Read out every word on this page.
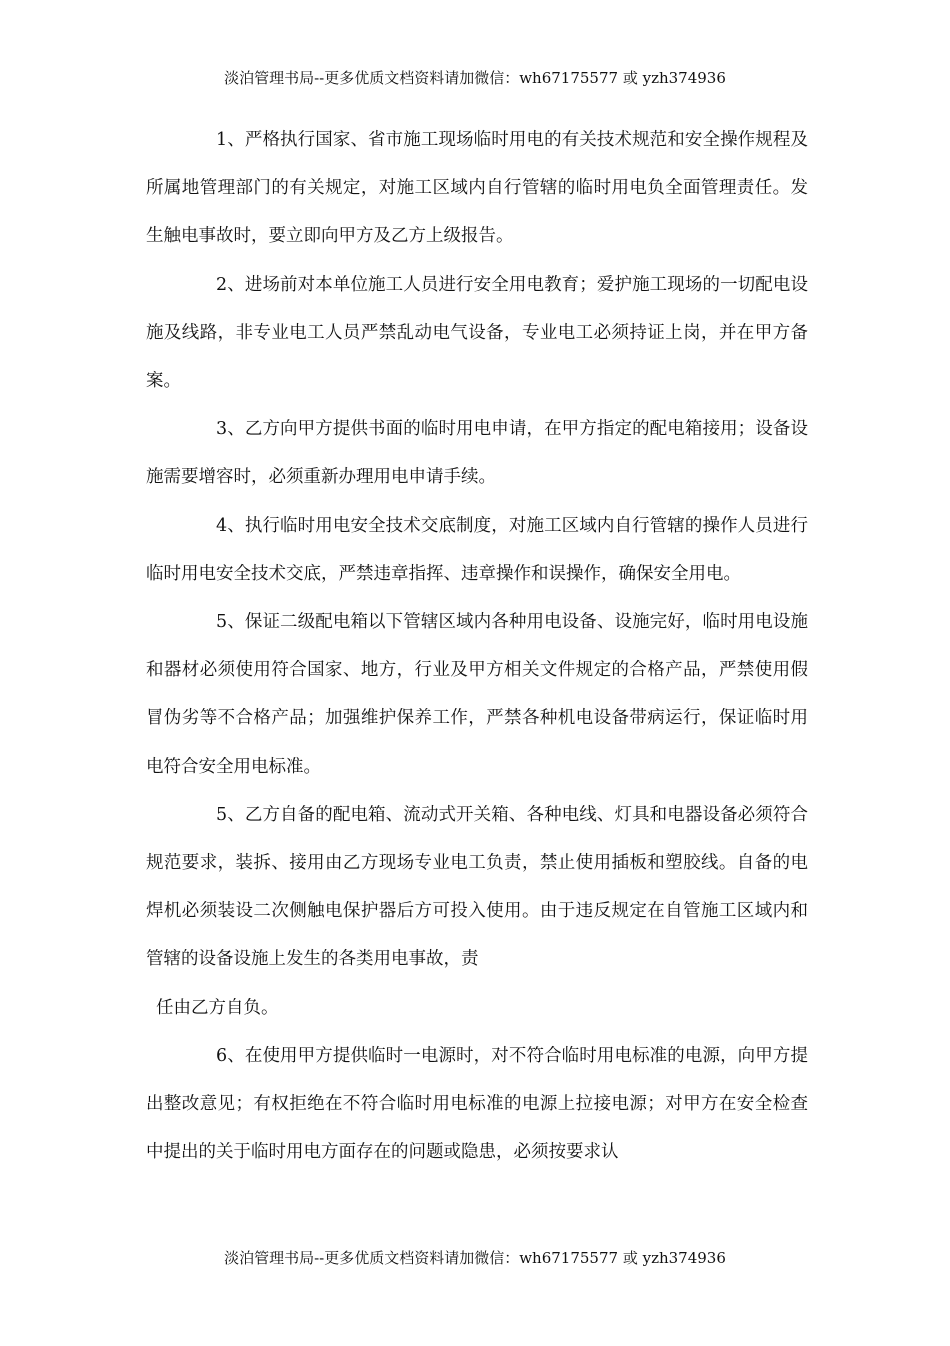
淡泊管理书局--更多优质文档资料请加微信：wh67175577 或 yzh374936

1、严格执行国家、省市施工现场临时用电的有关技术规范和安全操作规程及所属地管理部门的有关规定，对施工区域内自行管辖的临时用电负全面管理责任。发生触电事故时，要立即向甲方及乙方上级报告。

2、进场前对本单位施工人员进行安全用电教育；爱护施工现场的一切配电设施及线路，非专业电工人员严禁乱动电气设备，专业电工必须持证上岗，并在甲方备案。

3、乙方向甲方提供书面的临时用电申请，在甲方指定的配电箱接用；设备设施需要增容时，必须重新办理用电申请手续。

4、执行临时用电安全技术交底制度，对施工区域内自行管辖的操作人员进行临时用电安全技术交底，严禁违章指挥、违章操作和误操作，确保安全用电。

5、保证二级配电箱以下管辖区域内各种用电设备、设施完好，临时用电设施和器材必须使用符合国家、地方，行业及甲方相关文件规定的合格产品，严禁使用假冒伪劣等不合格产品；加强维护保养工作，严禁各种机电设备带病运行，保证临时用电符合安全用电标准。

5、乙方自备的配电箱、流动式开关箱、各种电线、灯具和电器设备必须符合规范要求，装拆、接用由乙方现场专业电工负责，禁止使用插板和塑胶线。自备的电焊机必须装设二次侧触电保护器后方可投入使用。由于违反规定在自管施工区域内和管辖的设备设施上发生的各类用电事故，责

任由乙方自负。

6、在使用甲方提供临时一电源时，对不符合临时用电标准的电源，向甲方提出整改意见；有权拒绝在不符合临时用电标准的电源上拉接电源；对甲方在安全检查中提出的关于临时用电方面存在的问题或隐患，必须按要求认

淡泊管理书局--更多优质文档资料请加微信：wh67175577 或 yzh374936
